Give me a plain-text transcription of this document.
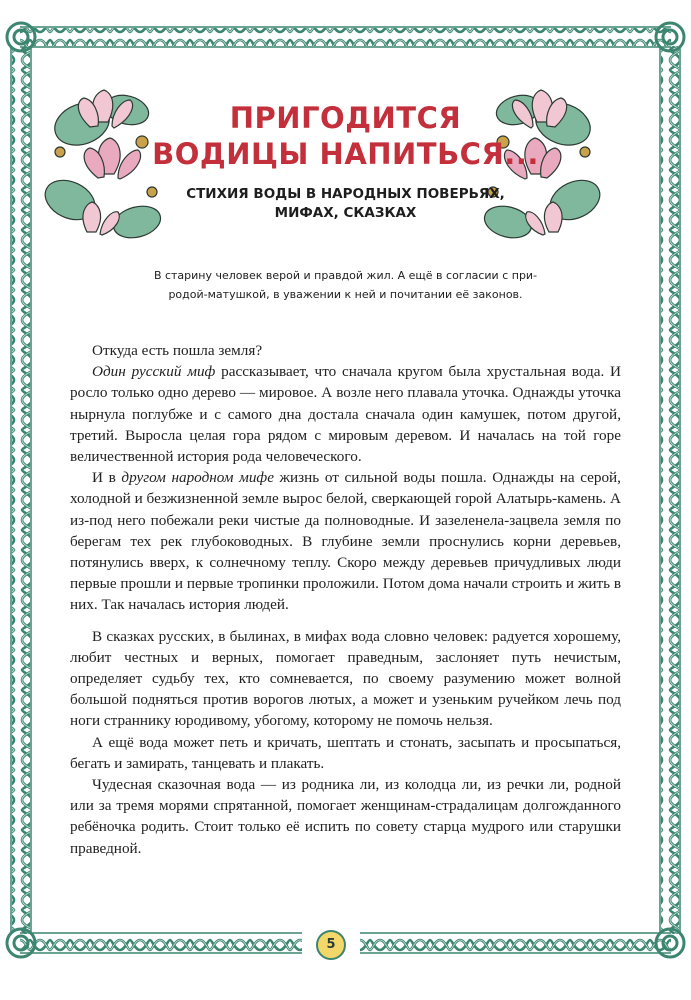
ПРИГОДИТСЯ
ВОДИЦЫ НАПИТЬСЯ...
СТИХИЯ ВОДЫ В НАРОДНЫХ ПОВЕРЬЯХ,
МИФАХ, СКАЗКАХ
В старину человек верой и правдой жил. А ещё в согласии с при-
родой-матушкой, в уважении к ней и почитании её законов.

Откуда есть пошла земля?

Один русский миф рассказывает, что сначала кругом была хрустальная вода. И росло только одно дерево — мировое. А возле него плавала уточка. Однажды уточка нырнула поглубже и с самого дна достала сначала один камушек, потом другой, третий. Выросла целая гора рядом с мировым деревом. И началась на той горе величественной история рода человеческого.

И в другом народном мифе жизнь от сильной воды пошла. Однажды на серой, холодной и безжизненной земле вырос белой, сверкающей горой Алатырь-камень. А из-под него побежали реки чистые да полноводные. И зазеленела-зацвела земля по берегам тех рек глубоководных. В глубине земли проснулись корни деревьев, потянулись вверх, к солнечному теплу. Скоро между деревьев причудливых люди первые прошли и первые тропинки проложили. Потом дома начали строить и жить в них. Так началась история людей.

В сказках русских, в былинах, в мифах вода словно человек: радуется хорошему, любит честных и верных, помогает праведным, заслоняет путь нечистым, определяет судьбу тех, кто сомневается, по своему разумению может волной большой подняться против ворогов лютых, а может и узеньким ручейком лечь под ноги страннику юродивому, убогому, которому не помочь нельзя.

А ещё вода может петь и кричать, шептать и стонать, засыпать и просыпаться, бегать и замирать, танцевать и плакать.

Чудесная сказочная вода — из родника ли, из колодца ли, из речки ли, родной или за тремя морями спрятанной, помогает женщинам-страдалицам долгожданного ребёночка родить. Стоит только её испить по совету старца мудрого или старушки праведной.

5
